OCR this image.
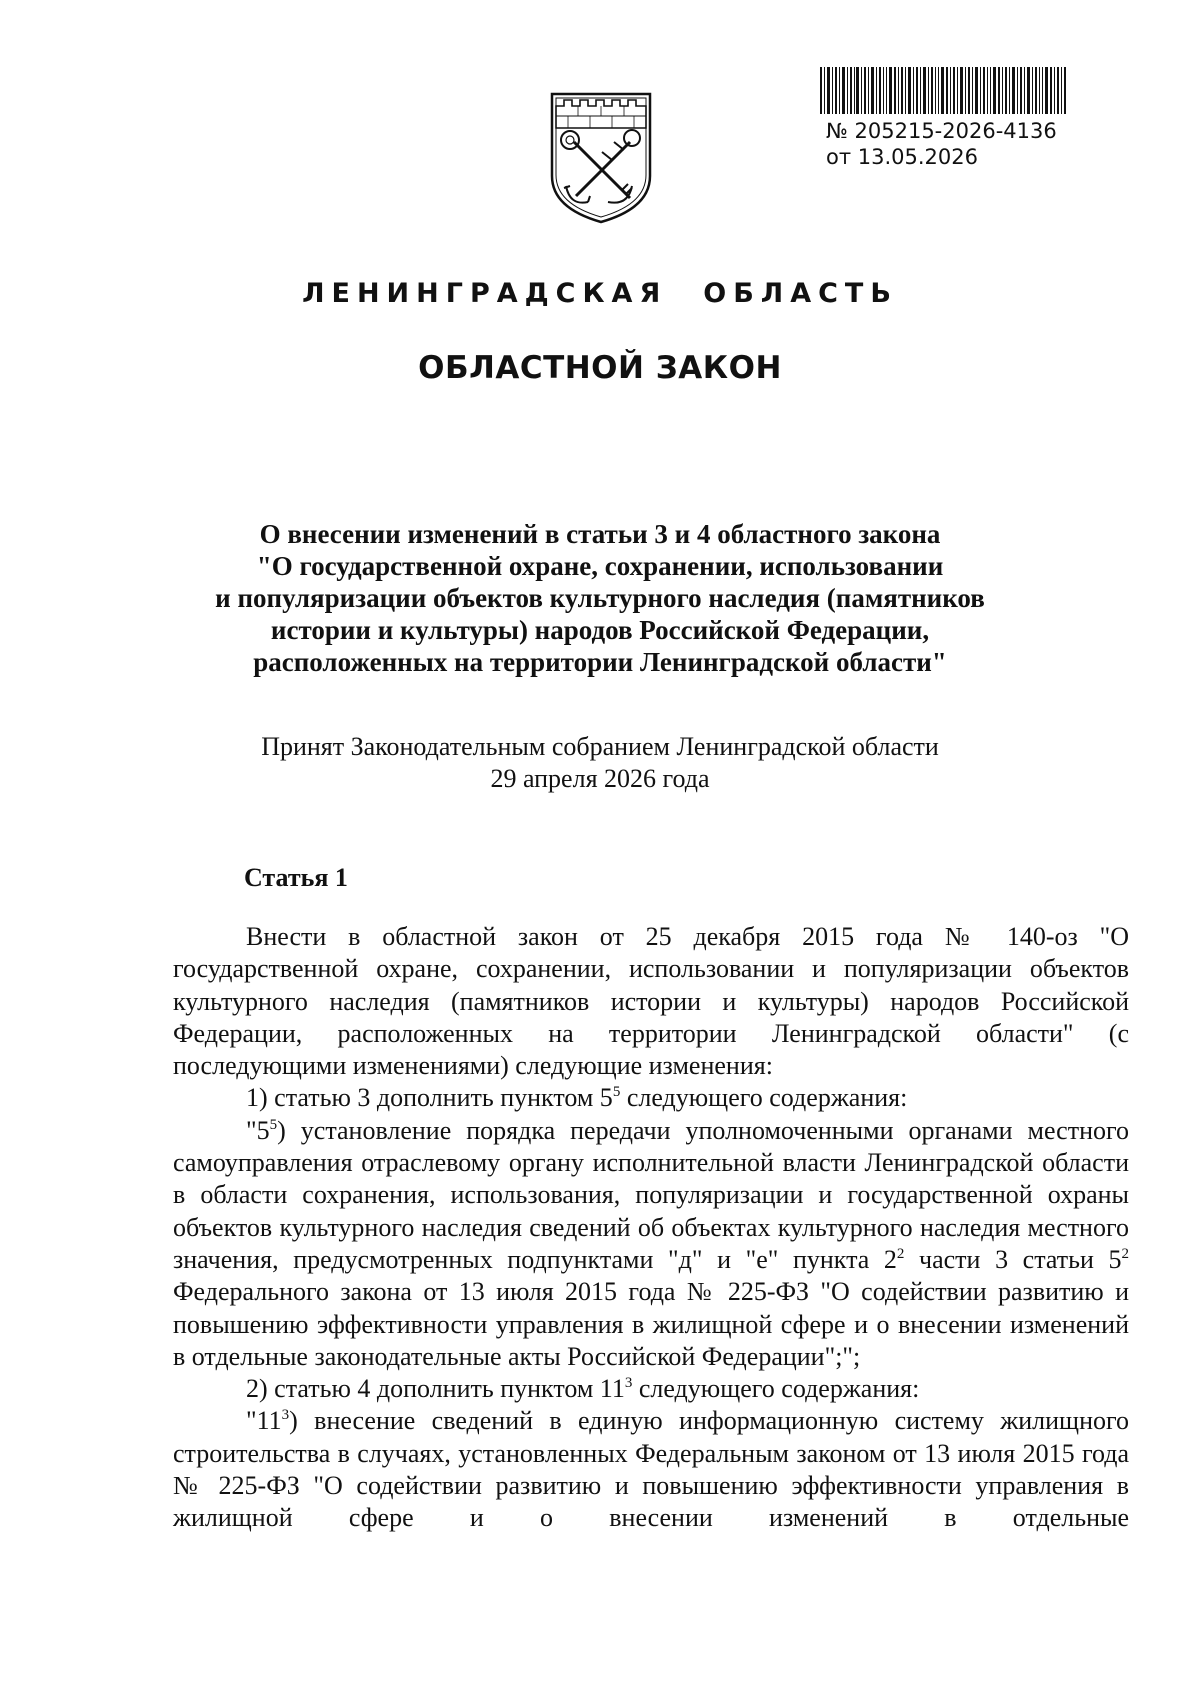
№ 205215-2026-4136
от 13.05.2026
ЛЕНИНГРАДСКАЯ ОБЛАСТЬ
ОБЛАСТНОЙ ЗАКОН
О внесении изменений в статьи 3 и 4 областного закона
"О государственной охране, сохранении, использовании
и популяризации объектов культурного наследия (памятников
истории и культуры) народов Российской Федерации,
расположенных на территории Ленинградской области"
Принят Законодательным собранием Ленинградской области
29 апреля 2026 года
Статья 1

Внести в областной закон от 25 декабря 2015 года № 140-оз "О государственной охране, сохранении, использовании и популяризации объектов культурного наследия (памятников истории и культуры) народов Российской Федерации, расположенных на территории Ленинградской области" (с последующими изменениями) следующие изменения:

1) статью 3 дополнить пунктом $5^5$ следующего содержания:

"$5^5$) установление порядка передачи уполномоченными органами местного самоуправления отраслевому органу исполнительной власти Ленинградской области в области сохранения, использования, популяризации и государственной охраны объектов культурного наследия сведений об объектах культурного наследия местного значения, предусмотренных подпунктами "д" и "е" пункта $2^2$ части 3 статьи $5^2$ Федерального закона от 13 июля 2015 года № 225-ФЗ "О содействии развитию и повышению эффективности управления в жилищной сфере и о внесении изменений в отдельные законодательные акты Российской Федерации";";

2) статью 4 дополнить пунктом $11^3$ следующего содержания:

"$11^3$) внесение сведений в единую информационную систему жилищного строительства в случаях, установленных Федеральным законом от 13 июля 2015 года № 225-ФЗ "О содействии развитию и повышению эффективности управления в жилищной сфере и о внесении изменений в отдельные
